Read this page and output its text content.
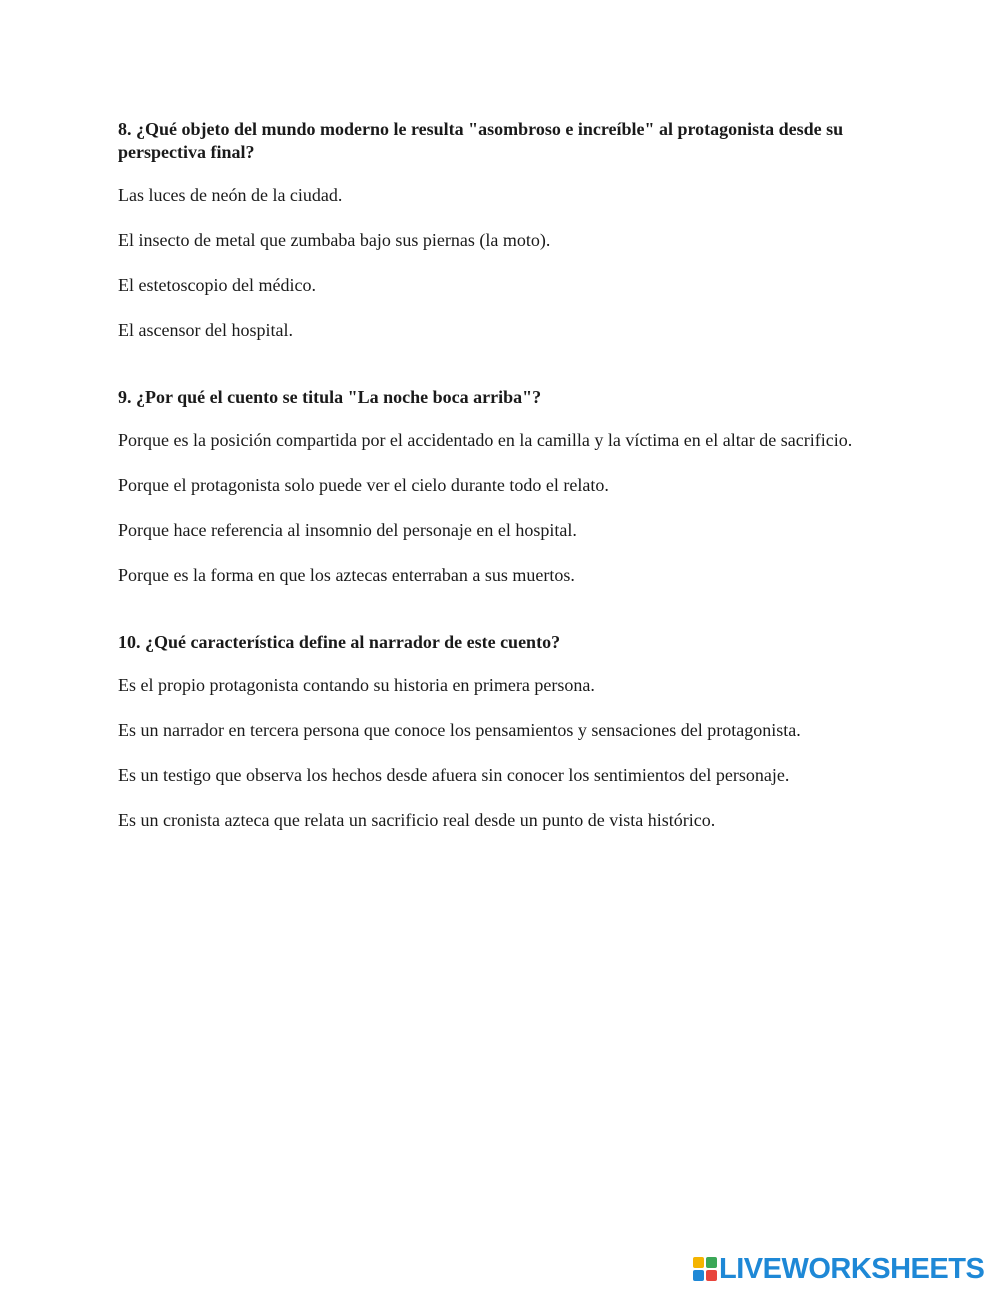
8. ¿Qué objeto del mundo moderno le resulta "asombroso e increíble" al protagonista desde su perspectiva final?

Las luces de neón de la ciudad.

El insecto de metal que zumbaba bajo sus piernas (la moto).

El estetoscopio del médico.

El ascensor del hospital.

9. ¿Por qué el cuento se titula "La noche boca arriba"?

Porque es la posición compartida por el accidentado en la camilla y la víctima en el altar de sacrificio.

Porque el protagonista solo puede ver el cielo durante todo el relato.

Porque hace referencia al insomnio del personaje en el hospital.

Porque es la forma en que los aztecas enterraban a sus muertos.

10. ¿Qué característica define al narrador de este cuento?

Es el propio protagonista contando su historia en primera persona.

Es un narrador en tercera persona que conoce los pensamientos y sensaciones del protagonista.

Es un testigo que observa los hechos desde afuera sin conocer los sentimientos del personaje.

Es un cronista azteca que relata un sacrificio real desde un punto de vista histórico.

LIVEWORKSHEETS
